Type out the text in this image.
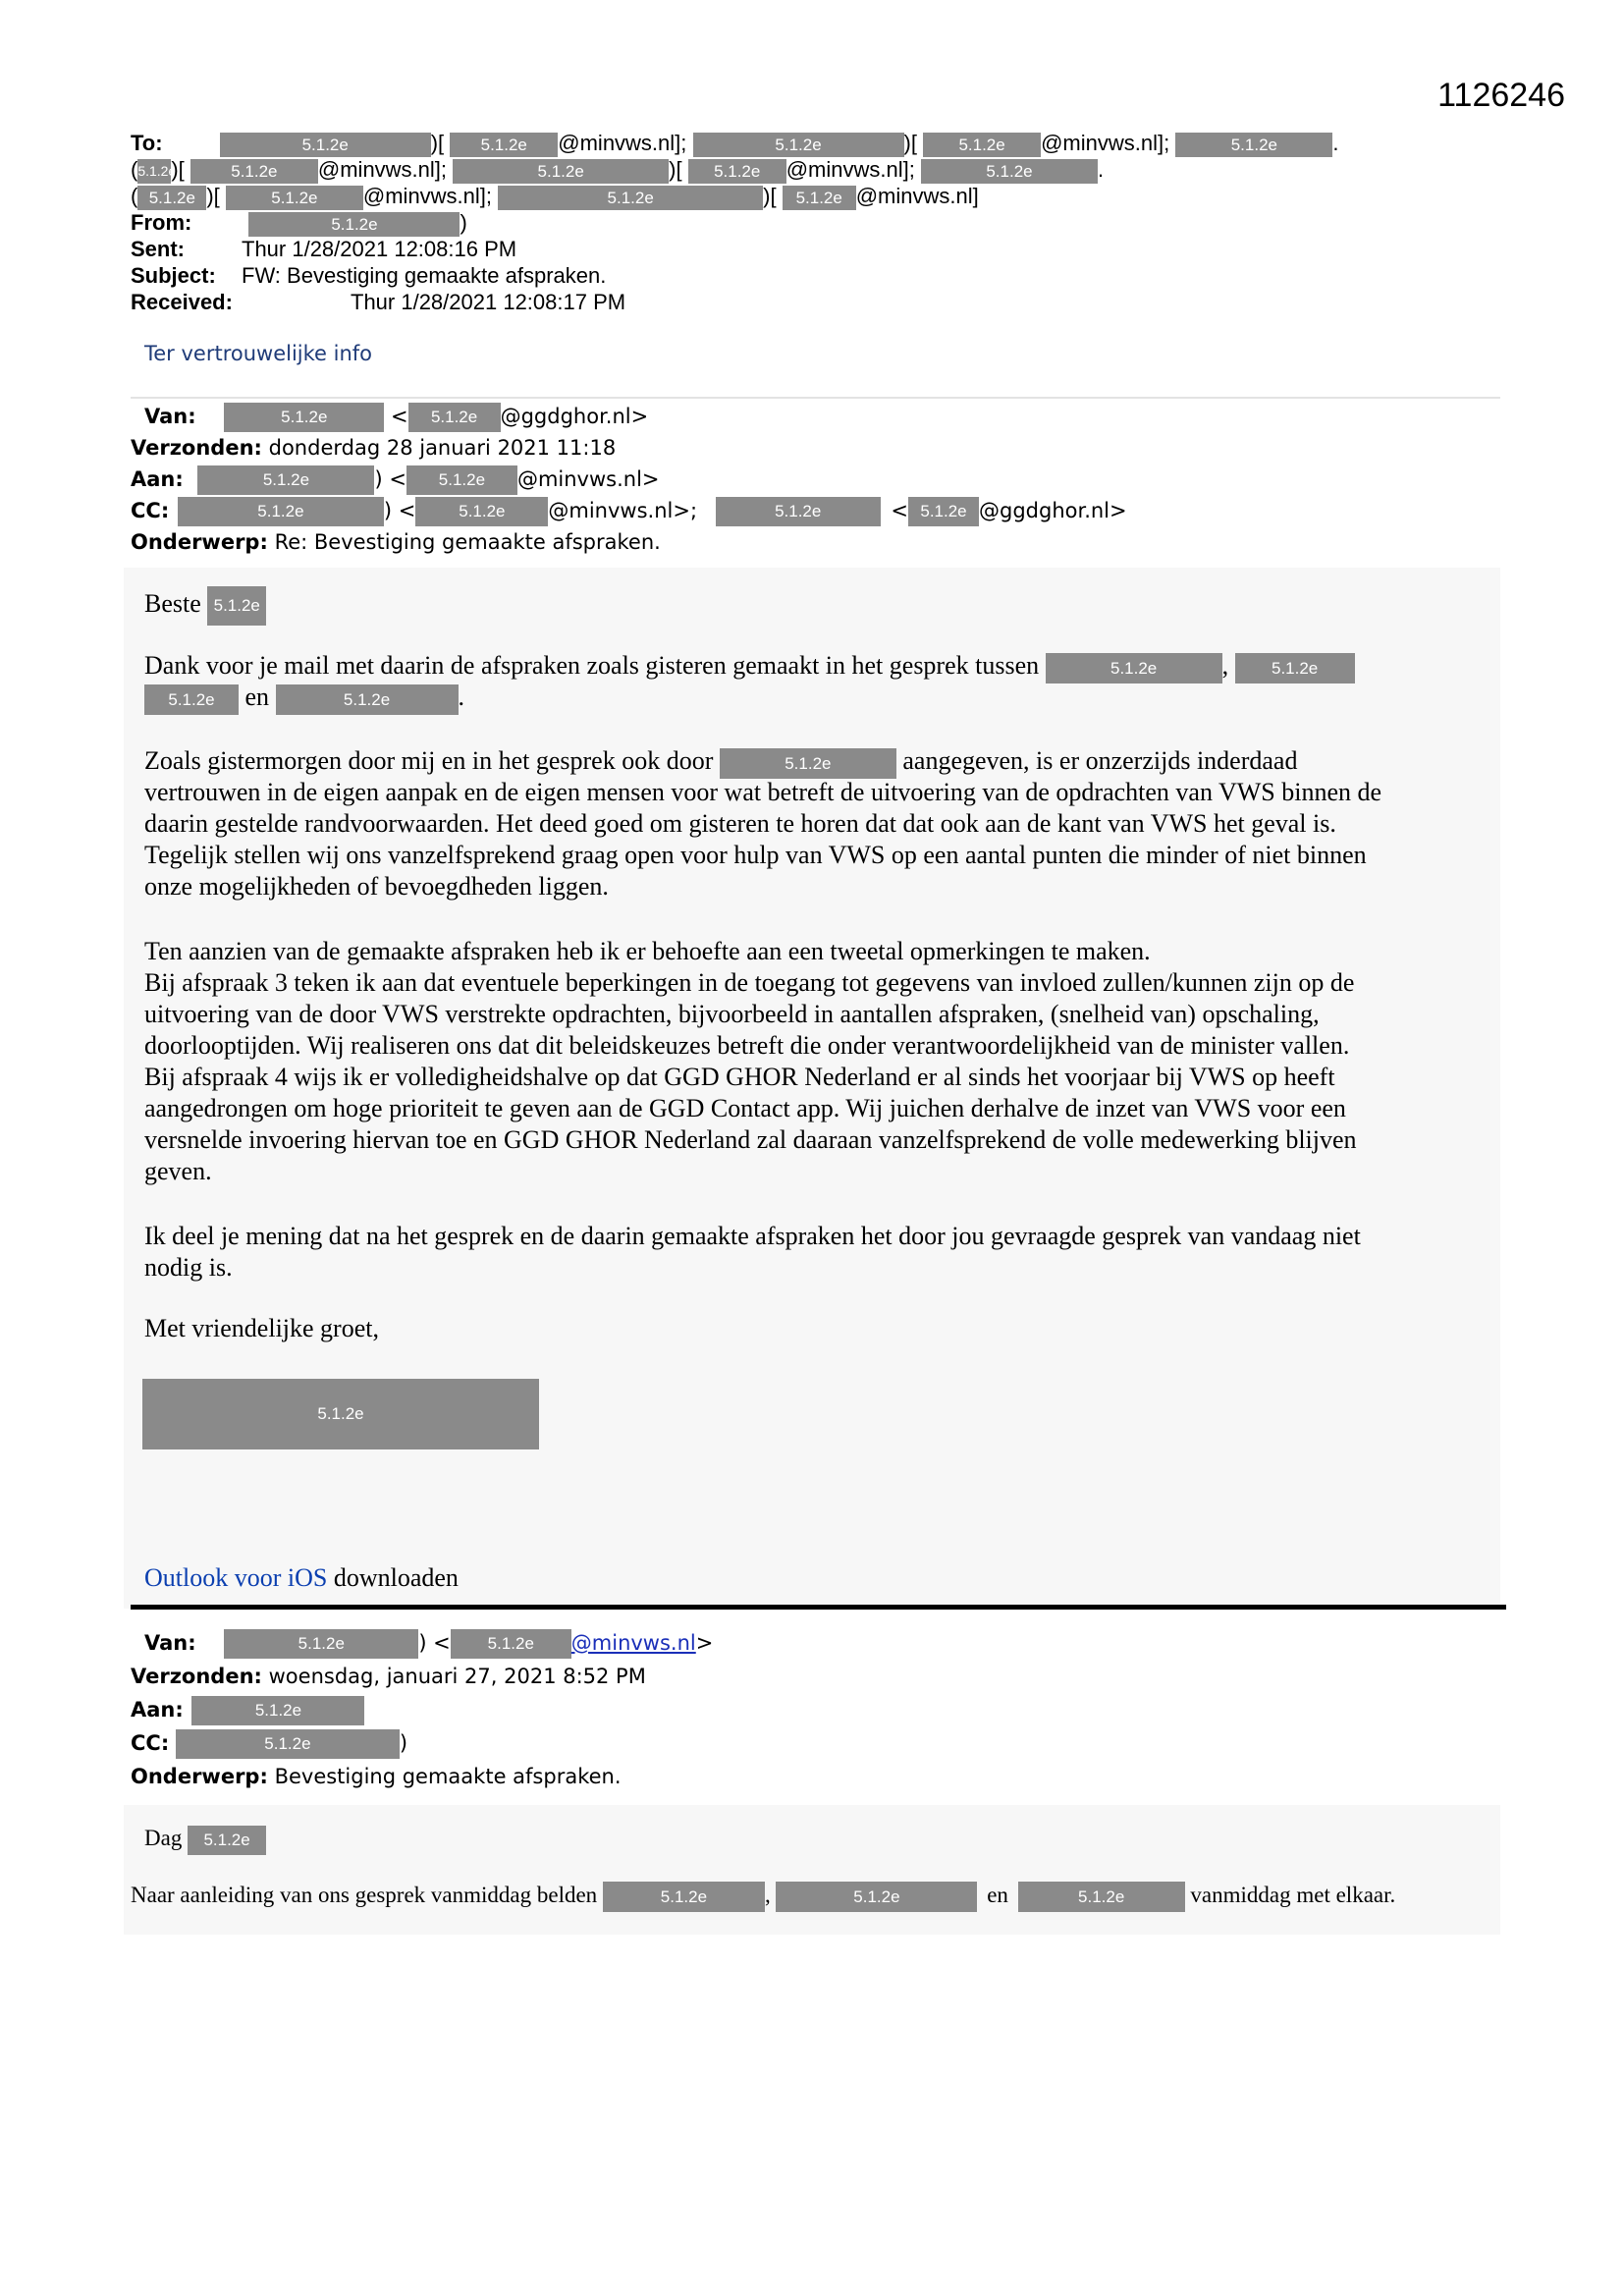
1126246
To:	5.1.2e	)[ 5.1.2e @minvws.nl];	5.1.2e	)[ 5.1.2e @minvws.nl];	5.1.2e	.
(5.1.2e)[ 5.1.2e @minvws.nl];	5.1.2e	)[ 5.1.2e @minvws.nl];	5.1.2e	.
( 5.1.2e )[	5.1.2e @minvws.nl];	5.1.2e	)[ 5.1.2e @minvws.nl]
From:	5.1.2e	)
Sent:	Thur 1/28/2021 12:08:16 PM
Subject: FW: Bevestiging gemaakte afspraken.
Received:	Thur 1/28/2021 12:08:17 PM
Ter vertrouwelijke info
Van:	5.1.2e	< 5.1.2e @ggdghor.nl>
Verzonden: donderdag 28 januari 2021 11:18
Aan:	5.1.2e	) < 5.1.2e @minvws.nl>
CC:	5.1.2e	) <	5.1.2e @minvws.nl>;	5.1.2e	< 5.1.2e @ggdghor.nl>
Onderwerp: Re: Bevestiging gemaakte afspraken.
Beste 5.1.2e
Dank voor je mail met daarin de afspraken zoals gisteren gemaakt in het gesprek tussen	5.1.2e	,	5.1.2e
5.1.2e en	5.1.2e	.
Zoals gistermorgen door mij en in het gesprek ook door	5.1.2e	aangegeven, is er onzerzijds inderdaad
vertrouwen in de eigen aanpak en de eigen mensen voor wat betreft de uitvoering van de opdrachten van VWS binnen de
daarin gestelde randvoorwaarden. Het deed goed om gisteren te horen dat dat ook aan de kant van VWS het geval is.
Tegelijk stellen wij ons vanzelfsprekend graag open voor hulp van VWS op een aantal punten die minder of niet binnen
onze mogelijkheden of bevoegdheden liggen.
Ten aanzien van de gemaakte afspraken heb ik er behoefte aan een tweetal opmerkingen te maken.
Bij afspraak 3 teken ik aan dat eventuele beperkingen in de toegang tot gegevens van invloed zullen/kunnen zijn op de
uitvoering van de door VWS verstrekte opdrachten, bijvoorbeeld in aantallen afspraken, (snelheid van) opschaling,
doorlooptijden. Wij realiseren ons dat dit beleidskeuzes betreft die onder verantwoordelijkheid van de minister vallen.
Bij afspraak 4 wijs ik er volledigheidshalve op dat GGD GHOR Nederland er al sinds het voorjaar bij VWS op heeft
aangedrongen om hoge prioriteit te geven aan de GGD Contact app. Wij juichen derhalve de inzet van VWS voor een
versnelde invoering hiervan toe en GGD GHOR Nederland zal daaraan vanzelfsprekend de volle medewerking blijven
geven.
Ik deel je mening dat na het gesprek en de daarin gemaakte afspraken het door jou gevraagde gesprek van vandaag niet
nodig is.
Met vriendelijke groet,
5.1.2e
Outlook voor iOS downloaden
Van:	5.1.2e	) < 5.1.2e @minvws.nl>
Verzonden: woensdag, januari 27, 2021 8:52 PM
Aan:	5.1.2e
CC:	5.1.2e	)
Onderwerp: Bevestiging gemaakte afspraken.
Dag 5.1.2e
Naar aanleiding van ons gesprek vanmiddag belden	5.1.2e	,	5.1.2e	en	5.1.2e	vanmiddag met elkaar.
